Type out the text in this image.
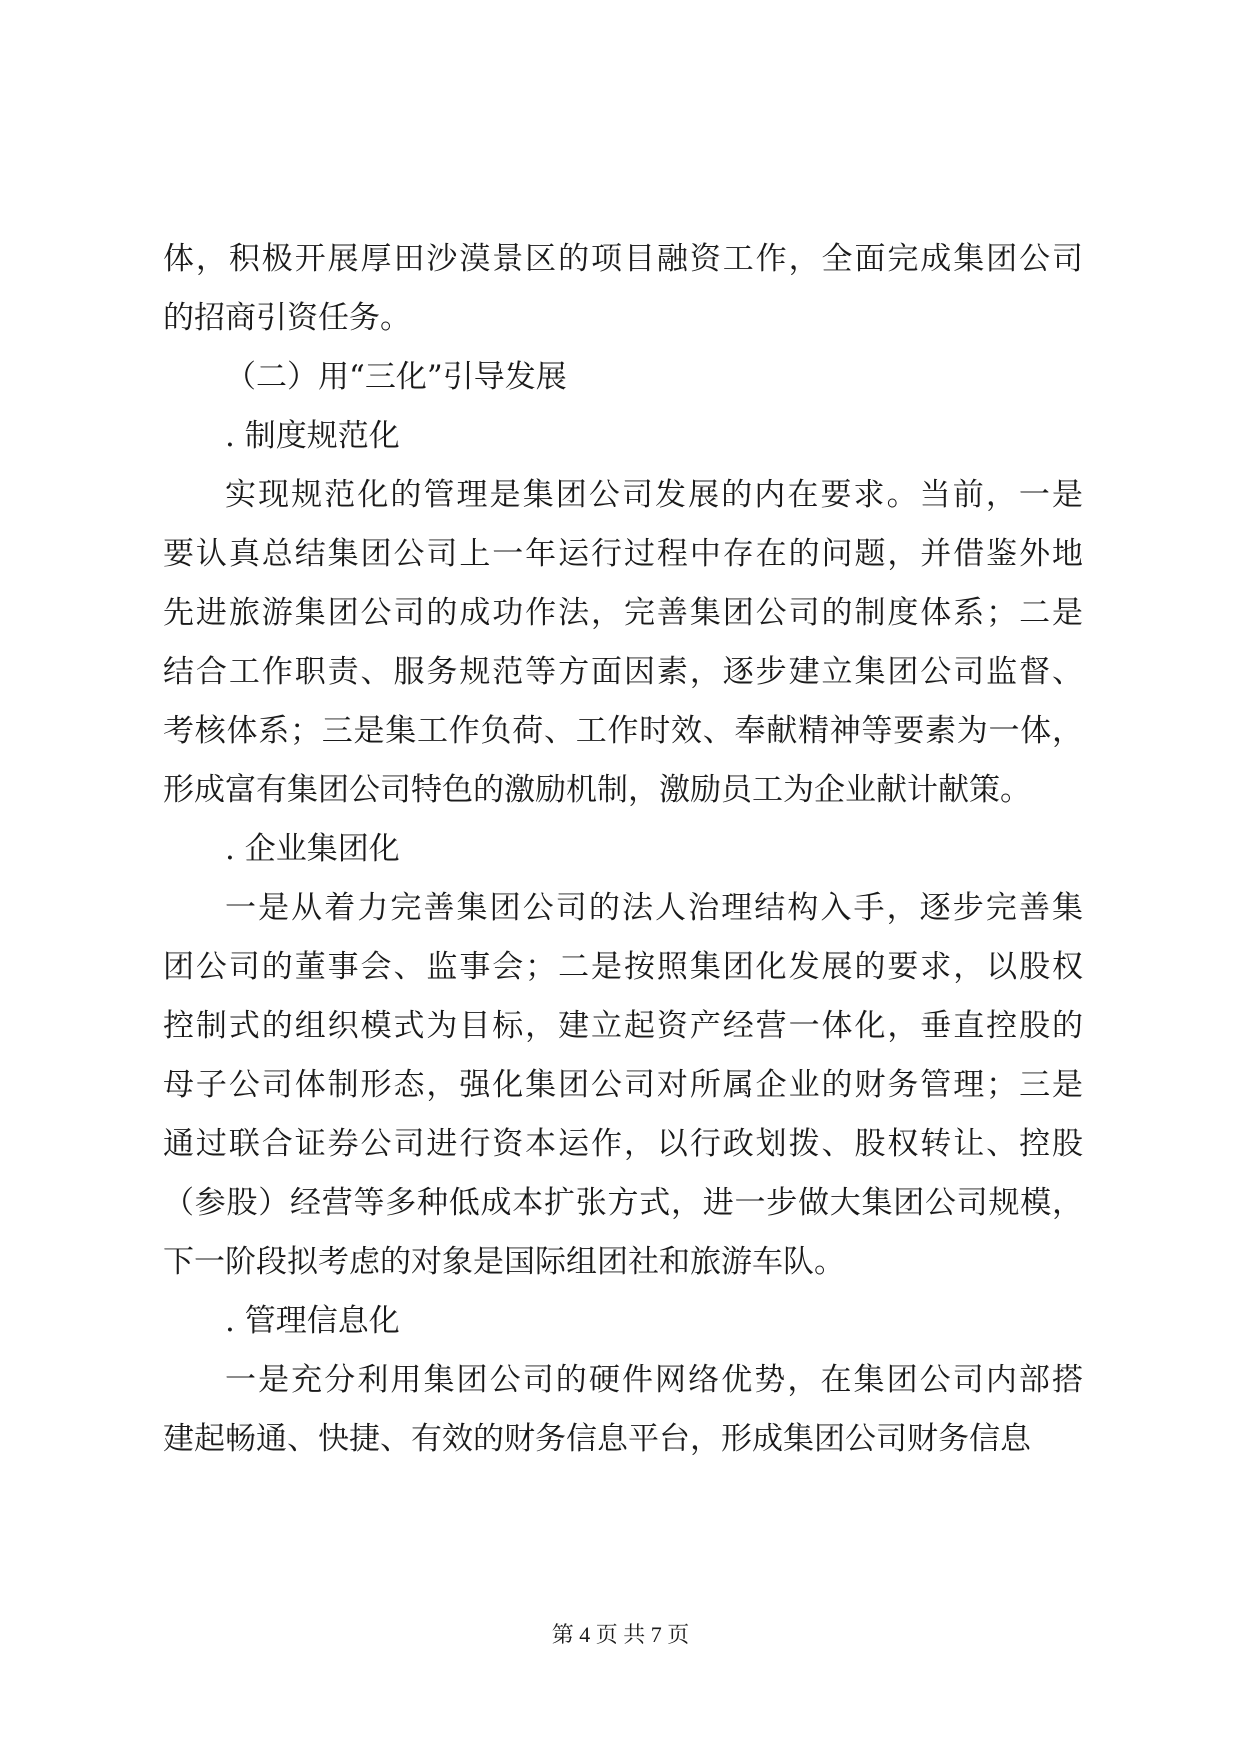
体，积极开展厚田沙漠景区的项目融资工作，全面完成集团公司
的招商引资任务。
（二）用“三化”引导发展
. 制度规范化
实现规范化的管理是集团公司发展的内在要求。当前，一是
要认真总结集团公司上一年运行过程中存在的问题，并借鉴外地
先进旅游集团公司的成功作法，完善集团公司的制度体系；二是
结合工作职责、服务规范等方面因素，逐步建立集团公司监督、
考核体系；三是集工作负荷、工作时效、奉献精神等要素为一体，
形成富有集团公司特色的激励机制，激励员工为企业献计献策。
. 企业集团化
一是从着力完善集团公司的法人治理结构入手，逐步完善集
团公司的董事会、监事会；二是按照集团化发展的要求，以股权
控制式的组织模式为目标，建立起资产经营一体化，垂直控股的
母子公司体制形态，强化集团公司对所属企业的财务管理；三是
通过联合证券公司进行资本运作，以行政划拨、股权转让、控股
（参股）经营等多种低成本扩张方式，进一步做大集团公司规模，
下一阶段拟考虑的对象是国际组团社和旅游车队。
. 管理信息化
一是充分利用集团公司的硬件网络优势，在集团公司内部搭
建起畅通、快捷、有效的财务信息平台，形成集团公司财务信息
第 4 页 共 7 页
